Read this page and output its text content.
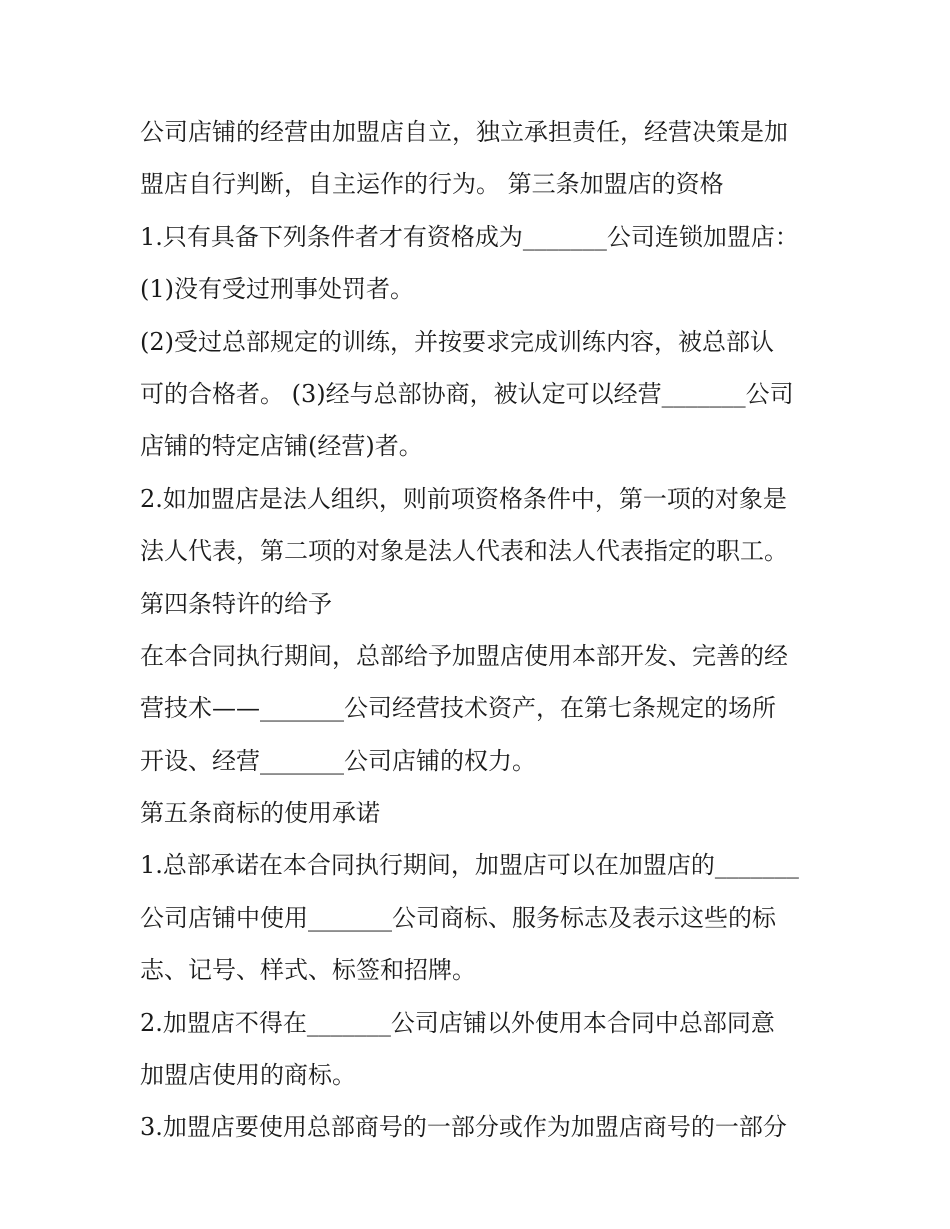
公司店铺的经营由加盟店自立，独立承担责任，经营决策是加
盟店自行判断，自主运作的行为。 第三条加盟店的资格
1.只有具备下列条件者才有资格成为_______公司连锁加盟店：
(1)没有受过刑事处罚者。
(2)受过总部规定的训练，并按要求完成训练内容，被总部认
可的合格者。 (3)经与总部协商，被认定可以经营_______公司
店铺的特定店铺(经营)者。
2.如加盟店是法人组织，则前项资格条件中，第一项的对象是
法人代表，第二项的对象是法人代表和法人代表指定的职工。
第四条特许的给予
在本合同执行期间，总部给予加盟店使用本部开发、完善的经
营技术——_______公司经营技术资产，在第七条规定的场所
开设、经营_______公司店铺的权力。
第五条商标的使用承诺
1.总部承诺在本合同执行期间，加盟店可以在加盟店的_______
公司店铺中使用_______公司商标、服务标志及表示这些的标
志、记号、样式、标签和招牌。
2.加盟店不得在_______公司店铺以外使用本合同中总部同意
加盟店使用的商标。
3.加盟店要使用总部商号的一部分或作为加盟店商号的一部分
